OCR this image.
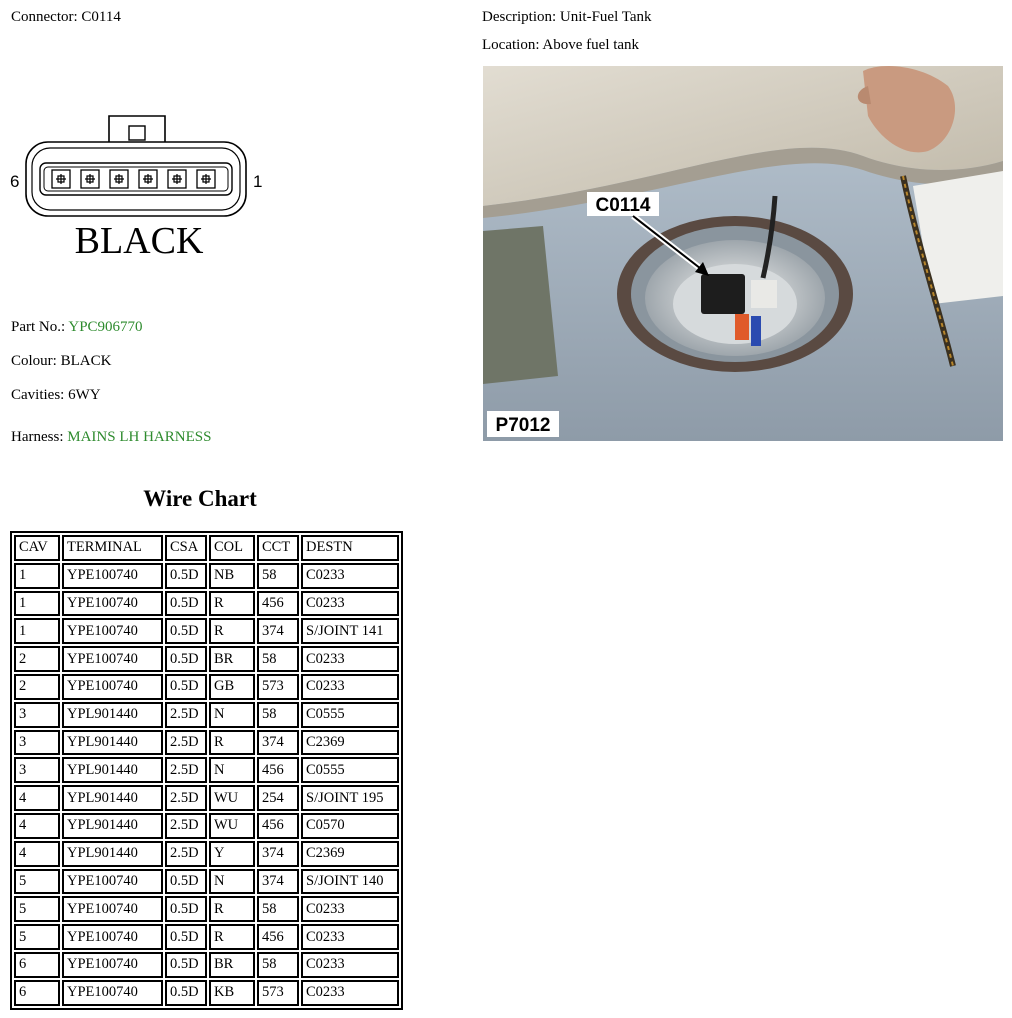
Connector: C0114	Description: Unit-Fuel Tank
Location: Above fuel tank
6	1
BLACK
Part No.: YPC906770
Colour: BLACK
Cavities: 6WY
Harness: MAINS LH HARNESS
C0114
P7012
Wire Chart
CAV	TERMINAL	CSA	COL	CCT	DESTN
1	YPE100740	0.5D	NB	58	C0233
1	YPE100740	0.5D	R	456	C0233
1	YPE100740	0.5D	R	374	S/JOINT 141
2	YPE100740	0.5D	BR	58	C0233
2	YPE100740	0.5D	GB	573	C0233
3	YPL901440	2.5D	N	58	C0555
3	YPL901440	2.5D	R	374	C2369
3	YPL901440	2.5D	N	456	C0555
4	YPL901440	2.5D	WU	254	S/JOINT 195
4	YPL901440	2.5D	WU	456	C0570
4	YPL901440	2.5D	Y	374	C2369
5	YPE100740	0.5D	N	374	S/JOINT 140
5	YPE100740	0.5D	R	58	C0233
5	YPE100740	0.5D	R	456	C0233
6	YPE100740	0.5D	BR	58	C0233
6	YPE100740	0.5D	KB	573	C0233
